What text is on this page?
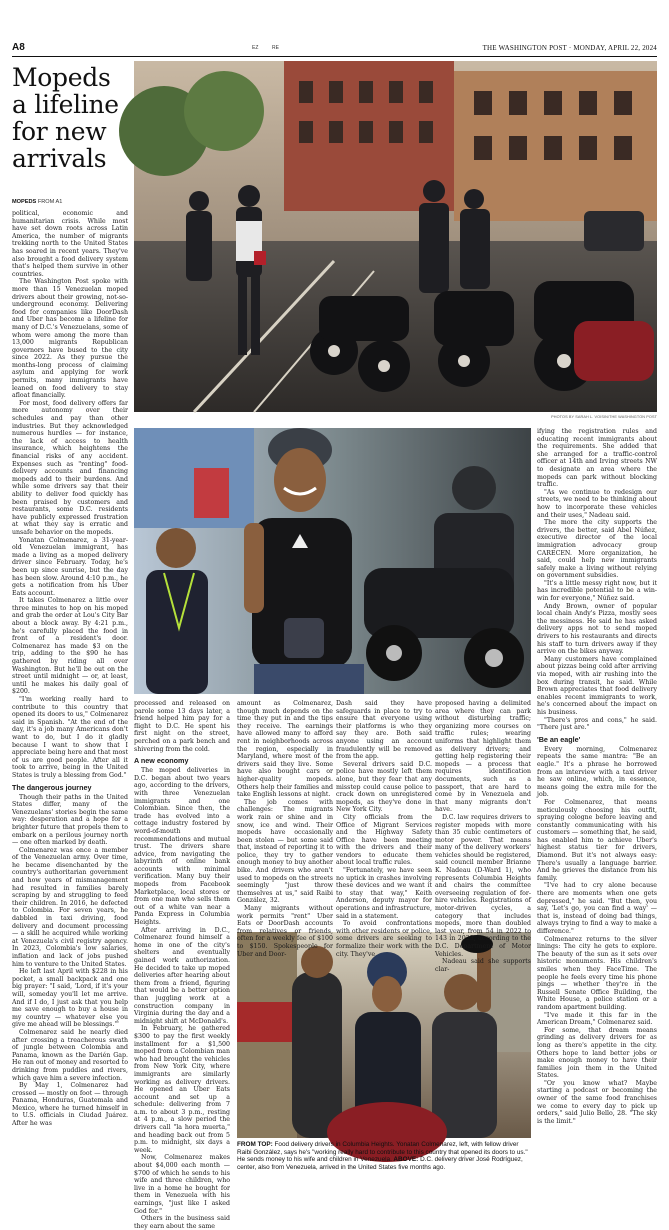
A8	EZ	RE	THE WASHINGTON POST · MONDAY, APRIL 22, 2024
Mopeds a lifeline for new arrivals
MOPEDS FROM A1
PHOTOS BY SARAH L. VOISIN/THE WASHINGTON POST
FROM TOP: Food delivery drivers in Columbia Heights. Yonatan Colmenarez, left, with fellow driver Raibi González, says he's "working really hard to contribute to this country that opened its doors to us." He sends money to his wife and children in Venezuela. ABOVE: D.C. delivery driver José Rodríguez, center, also from Venezuela, arrived in the United States five months ago.

political, economic and humanitarian crisis. While most have set down roots across Latin America, the number of migrants trekking north to the United States has soared in recent years. They've also brought a food delivery system that's helped them survive in other countries.

The Washington Post spoke with more than 15 Venezuelan moped drivers about their growing, not-so-underground economy. Delivering food for companies like DoorDash and Uber has become a lifeline for many of D.C.'s Venezuelans, some of whom were among the more than 13,000 migrants Republican governors have bused to the city since 2022. As they pursue the months-long process of claiming asylum and applying for work permits, many immigrants have leaned on food delivery to stay afloat financially.

For most, food delivery offers far more autonomy over their schedules and pay than other industries. But they acknowledged numerous hurdles — for instance, the lack of access to health insurance, which heightens the financial risks of any accident. Expenses such as "renting" food-delivery accounts and financing mopeds add to their burdens. And while some drivers say that their ability to deliver food quickly has been praised by customers and restaurants, some D.C. residents have publicly expressed frustration at what they say is erratic and unsafe behavior on the mopeds.

Yonatan Colmenarez, a 31-year-old Venezuelan immigrant, has made a living as a moped delivery driver since February. Today, he's been up since sunrise, but the day has been slow. Around 4:10 p.m., he gets a notification from his Uber Eats account.

It takes Colmenarez a little over three minutes to hop on his moped and grab the order at Lou's City Bar about a block away. By 4:21 p.m., he's carefully placed the food in front of a resident's door. Colmenarez has made $3 on the trip, adding to the $90 he has gathered by riding all over Washington. But he'll be out on the street until midnight — or, at least, until he makes his daily goal of $200.

"I'm working really hard to contribute to this country that opened its doors to us," Colmenarez said in Spanish. "At the end of the day, it's a job many Americans don't want to do, but I do it gladly because I want to show that I appreciate being here and that most of us are good people. After all it took to arrive, being in the United States is truly a blessing from God."

The dangerous journey

Though their paths in the United States differ, many of the Venezuelans' stories begin the same way: desperation and a hope for a brighter future that propels them to embark on a perilous journey north — one often marked by death.

Colmenarez was once a member of the Venezuelan army. Over time, he became disenchanted by the country's authoritarian government and how years of mismanagement had resulted in families barely scraping by and struggling to feed their children. In 2016, he defected to Colombia. For seven years, he dabbled in taxi driving, food delivery and document processing — a skill he acquired while working at Venezuela's civil registry agency. In 2023, Colombia's low salaries, inflation and lack of jobs pushed him to venture to the United States.

He left last April with $228 in his pocket, a small backpack and one big prayer: "I said, 'Lord, if it's your will, someday you'll let me arrive. And if I do, I just ask that you help me save enough to buy a house in my country — whatever else you give me ahead will be blessings.'"

Colmenarez said he nearly died after crossing a treacherous swath of jungle between Colombia and Panama, known as the Darién Gap. He ran out of money and resorted to drinking from puddles and rivers, which gave him a severe infection.

By May 1, Colmenarez had crossed — mostly on foot — through Panama, Honduras, Guatemala and Mexico, where he turned himself in to U.S. officials in Ciudad Juárez. After he was

processed and released on parole some 13 days later, a friend helped him pay for a flight to D.C. He spent his first night on the street, perched on a park bench and shivering from the cold.

A new economy

The moped deliveries in D.C. began about two years ago, according to the drivers, with three Venezuelan immigrants and one Colombian. Since then, the trade has evolved into a cottage industry fostered by word-of-mouth recommendations and mutual trust. The drivers share advice, from navigating the labyrinth of online bank accounts with minimal verification. Many buy their mopeds from Facebook Marketplace, local stores or from one man who sells them out of a white van near a Panda Express in Columbia Heights.

After arriving in D.C., Colmenarez found himself a home in one of the city's shelters and eventually gained work authorization. He decided to take up moped deliveries after hearing about them from a friend, figuring that would be a better option than juggling work at a construction company in Virginia during the day and a midnight shift at McDonald's.

In February, he gathered $300 to pay the first weekly installment for a $1,500 moped from a Colombian man who had brought the vehicles from New York City, where immigrants are similarly working as delivery drivers. He opened an Uber Eats account and set up a schedule: delivering from 7 a.m. to about 3 p.m., resting at 4 p.m., a slow period the drivers call "la hora muerta," and heading back out from 5 p.m. to midnight, six days a week.

Now, Colmenarez makes about $4,000 each month — $700 of which he sends to his wife and three children, who live in a home he bought for them in Venezuela with his earnings, "just like I asked God for."

Others in the business said they earn about the same

amount as Colmenarez, though much depends on the time they put in and the tips they receive. The earnings have allowed many to afford rent in neighborhoods across the region, especially in Maryland, where most of the drivers said they live. Some have also bought cars or higher-quality mopeds. Others help their families and take English lessons at night.

The job comes with challenges: The migrants work rain or shine and in snow, ice and wind. Their mopeds have occasionally been stolen — but some said that, instead of reporting it to police, they try to gather enough money to buy another bike. And drivers who aren't used to mopeds on the streets seemingly "just throw themselves at us," said Raibi González, 32.

Many migrants without work permits "rent" Uber Eats or DoorDash accounts from relatives or friends, often for a weekly fee of $100 to $150. Spokespeople for Uber and Door-

Dash said they have safeguards in place to try to ensure that everyone using their platforms is who they say they are. Both said anyone using an account fraudulently will be removed from the app.

Several drivers said D.C. police have mostly left them alone, but they fear that any misstep could cause police to crack down on unregistered mopeds, as they've done in New York City.

City officials from the Office of Migrant Services and the Highway Safety Office have been meeting with the drivers and their vendors to educate them about local traffic rules.

"Fortunately, we have seen no uptick in crashes involving these devices and we want it to stay that way," Keith Anderson, deputy mayor for operations and infrastructure, said in a statement.

To avoid confrontations with other residents or police, some drivers are seeking to formalize their work with the city. They've

proposed having a delimited area where they can park without disturbing traffic; organizing more courses on traffic rules; wearing uniforms that highlight them as delivery drivers; and getting help registering their mopeds — a process that requires identification documents, such as a passport, that are hard to come by in Venezuela and that many migrants don't have.

D.C. law requires drivers to register mopeds with more than 35 cubic centimeters of motor power. That means many of the delivery workers' vehicles should be registered, said council member Brianne K. Nadeau (D-Ward 1), who represents Columbia Heights and chairs the committee overseeing regulation of for-hire vehicles. Registrations of motor-driven cycles, a category that includes mopeds, more than doubled last year, from 54 in 2022 to 143 in 2023, according to the D.C. Department of Motor Vehicles.

Nadeau said she supports clar-

ifying the registration rules and educating recent immigrants about the requirements. She added that she arranged for a traffic-control officer at 14th and Irving streets NW to designate an area where the mopeds can park without blocking traffic.

"As we continue to redesign our streets, we need to be thinking about how to incorporate these vehicles and their uses," Nadeau said.

The more the city supports the drivers, the better, said Abel Núñez, executive director of the local immigration advocacy group CARECEN. More organization, he said, could help new immigrants safely make a living without relying on government subsidies.

"It's a little messy right now, but it has incredible potential to be a win-win for everyone," Núñez said.

Andy Brown, owner of popular local chain Andy's Pizza, mostly sees the messiness. He said he has asked delivery apps not to send moped drivers to his restaurants and directs his staff to turn drivers away if they arrive on the bikes anyway.

Many customers have complained about pizzas being cold after arriving via moped, with air rushing into the box during transit, he said. While Brown appreciates that food delivery enables recent immigrants to work, he's concerned about the impact on his business.

"There's pros and cons," he said. "There just are."

'Be an eagle'

Every morning, Colmenarez repeats the same mantra: "Be an eagle." It's a phrase he borrowed from an interview with a taxi driver he saw online, which, in essence, means going the extra mile for the job.

For Colmenarez, that means meticulously choosing his outfit, spraying cologne before leaving and constantly communicating with his customers — something that, he said, has enabled him to achieve Uber's highest status tier for drivers, Diamond. But it's not always easy: There's usually a language barrier. And he grieves the distance from his family.

"I've had to cry alone because there are moments when one gets depressed," he said. "But then, you say, 'Let's go, you can find a way' — that is, instead of doing bad things, always trying to find a way to make a difference."

Colmenarez returns to the silver linings: The city he gets to explore. The beauty of the sun as it sets over historic monuments. His children's smiles when they FaceTime. The people he feels every time his phone pings — whether they're in the Russell Senate Office Building, the White House, a police station or a random apartment building.

"I've made it this far in the American Dream," Colmenarez said.

For some, that dream means grinding as delivery drivers for as long as there's appetite in the city. Others hope to land better jobs or make enough money to have their families join them in the United States.

"Or you know what? Maybe starting a podcast or becoming the owner of the same food franchises we come to every day to pick up orders," said Julio Bello, 28. "The sky is the limit."
